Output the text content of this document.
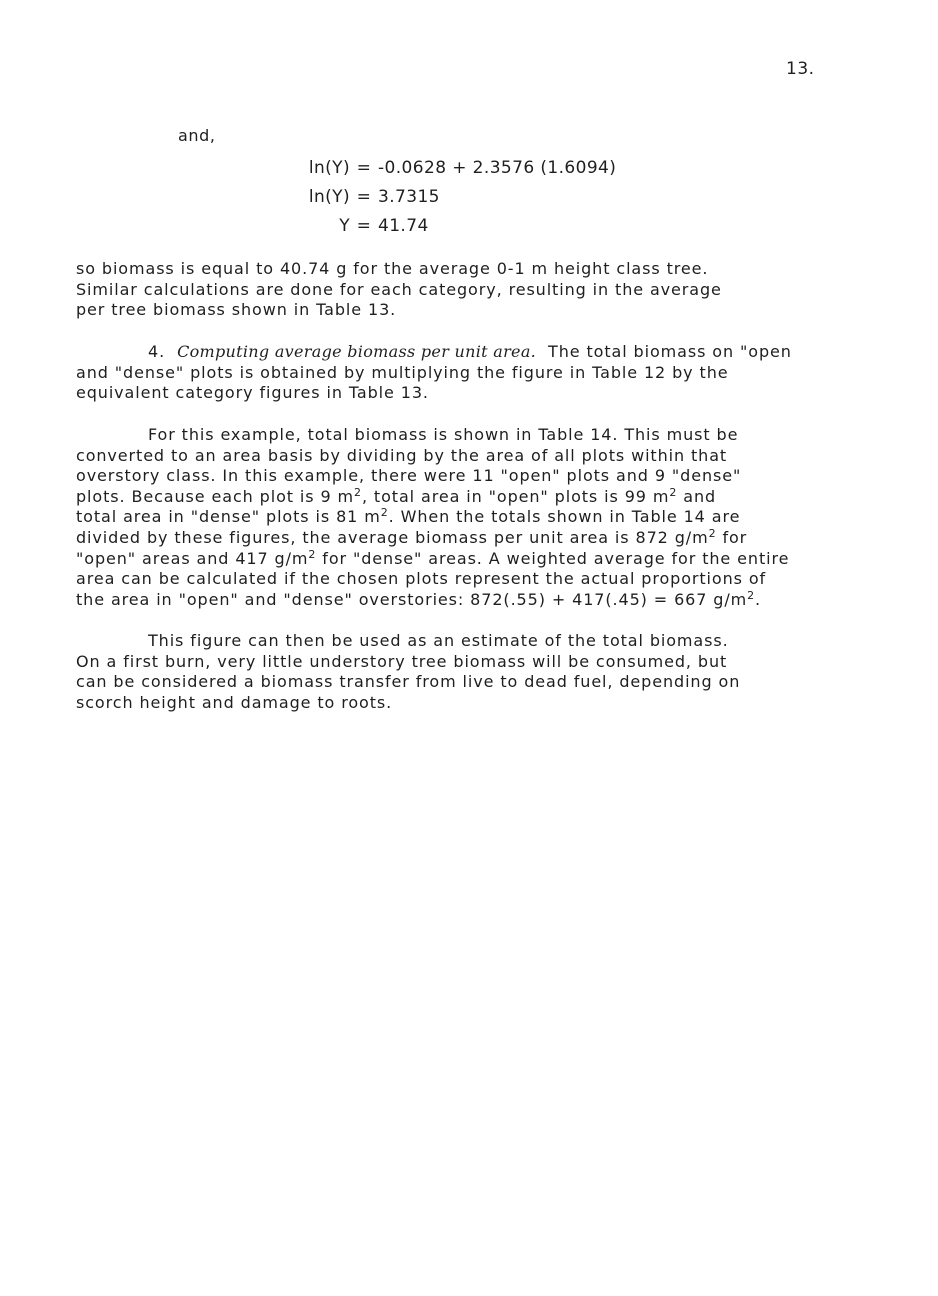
13.
and,
ln(Y) = -0.0628 + 2.3576 (1.6094)
ln(Y) = 3.7315
Y = 41.74

so biomass is equal to 40.74 g for the average 0-1 m height class tree.
Similar calculations are done for each category, resulting in the average
per tree biomass shown in Table 13.

4. Computing average biomass per unit area. The total biomass on "open
and "dense" plots is obtained by multiplying the figure in Table 12 by the
equivalent category figures in Table 13.

For this example, total biomass is shown in Table 14. This must be
converted to an area basis by dividing by the area of all plots within that
overstory class. In this example, there were 11 "open" plots and 9 "dense"
plots. Because each plot is 9 $m^2$, total area in "open" plots is 99 $m^2$ and
total area in "dense" plots is 81 $m^2$. When the totals shown in Table 14 are
divided by these figures, the average biomass per unit area is 872 $g/m^2$ for
"open" areas and 417 $g/m^2$ for "dense" areas. A weighted average for the entire
area can be calculated if the chosen plots represent the actual proportions of
the area in "open" and "dense" overstories: 872(.55) + 417(.45) = 667 $g/m^2$.

This figure can then be used as an estimate of the total biomass.
On a first burn, very little understory tree biomass will be consumed, but
can be considered a biomass transfer from live to dead fuel, depending on
scorch height and damage to roots.
